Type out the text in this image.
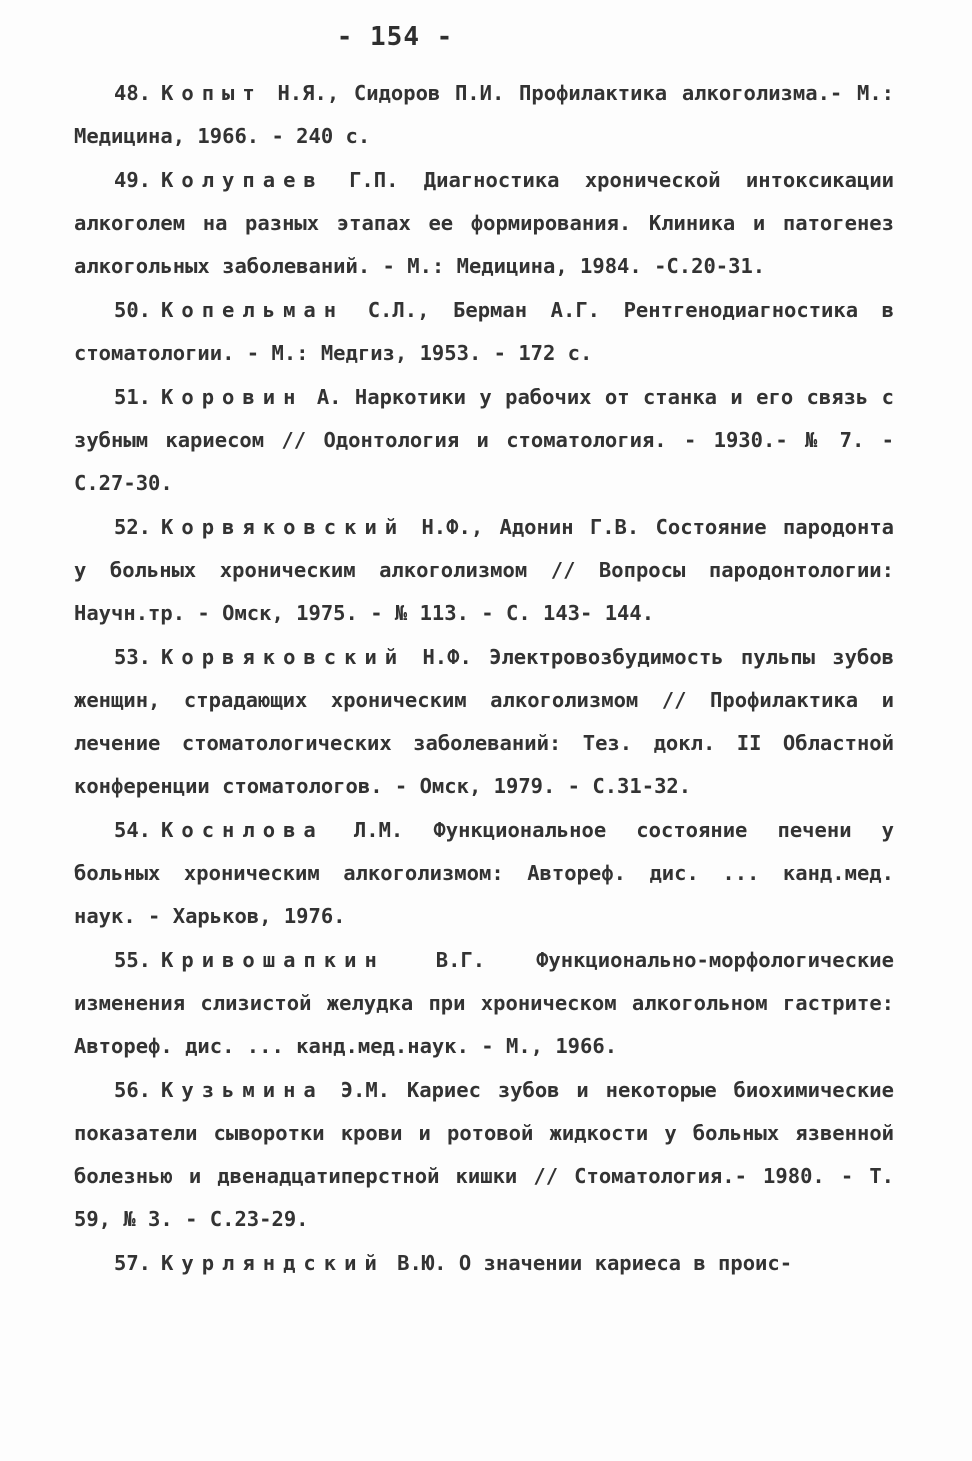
- 154 -

48. Копыт Н.Я., Сидоров П.И. Профилактика алкоголизма.- М.: Медицина, 1966. - 240 с.

49. Колупаев Г.П. Диагностика хронической интоксикации алкоголем на разных этапах ее формирования. Клиника и патогенез алкогольных заболеваний. - М.: Медицина, 1984. -С.20-31.

50. Копельман С.Л., Берман А.Г. Рентгенодиагностика в стоматологии. - М.: Медгиз, 1953. - 172 с.

51. Коровин А. Наркотики у рабочих от станка и его связь с зубным кариесом // Одонтология и стоматология. - 1930.- № 7. - С.27-30.

52. Корвяковский Н.Ф., Адонин Г.В. Состояние пародонта у больных хроническим алкоголизмом // Вопросы пародонтологии: Научн.тр. - Омск, 1975. - № 113. - С. 143- 144.

53. Корвяковский Н.Ф. Электровозбудимость пульпы зубов женщин, страдающих хроническим алкоголизмом // Профилактика и лечение стоматологических заболеваний: Тез. докл. II Областной конференции стоматологов. - Омск, 1979. - С.31-32.

54. Коснлова Л.М. Функциональное состояние печени у больных хроническим алкоголизмом: Автореф. дис. ... канд.мед. наук. - Харьков, 1976.

55. Кривошапкин В.Г. Функционально-морфологические изменения слизистой желудка при хроническом алкогольном гастрите: Автореф. дис. ... канд.мед.наук. - М., 1966.

56. Кузьмина Э.М. Кариес зубов и некоторые биохимические показатели сыворотки крови и ротовой жидкости у больных язвенной болезнью и двенадцатиперстной кишки // Стоматология.- 1980. - Т. 59, № 3. - С.23-29.

57. Курляндский В.Ю. О значении кариеса в проис-
